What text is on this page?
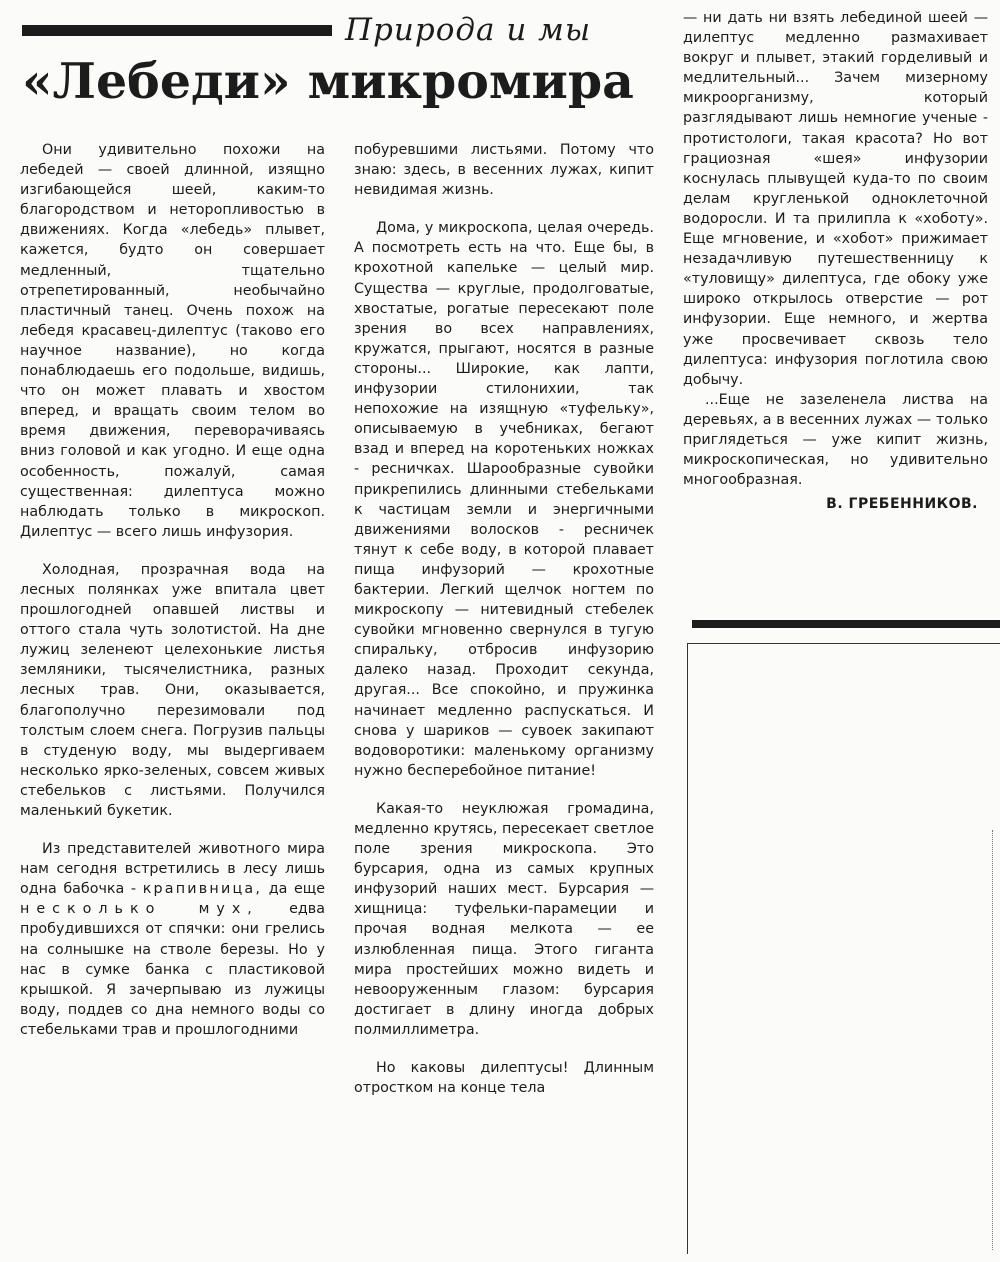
Природа и мы
«Лебеди» микромира

Они удивительно похожи на лебедей — своей длинной, изящно изгибающейся шеей, каким-то благородством и неторопливостью в движениях. Когда «лебедь» плывет, кажется, будто он совершает медленный, тщательно отрепетированный, необычайно пластичный танец. Очень похож на лебедя красавец-дилептус (таково его научное название), но когда понаблюдаешь его подольше, видишь, что он может плавать и хвостом вперед, и вращать своим телом во время движения, переворачиваясь вниз головой и как угодно. И еще одна особенность, пожалуй, самая существенная: дилептуса можно наблюдать только в микроскоп. Дилептус — всего лишь инфузория.

Холодная, прозрачная вода на лесных полянках уже впитала цвет прошлогодней опавшей листвы и оттого стала чуть золотистой. На дне лужиц зеленеют целехонькие листья земляники, тысячелистника, разных лесных трав. Они, оказывается, благополучно перезимовали под толстым слоем снега. Погрузив пальцы в студеную воду, мы выдергиваем несколько ярко-зеленых, совсем живых стебельков с листьями. Получился маленький букетик.

Из представителей животного мира нам сегодня встретились в лесу лишь одна бабочка - крапивница, да еще несколько мух, едва пробудившихся от спячки: они грелись на солнышке на стволе березы. Но у нас в сумке банка с пластиковой крышкой. Я зачерпываю из лужицы воду, поддев со дна немного воды со стебельками трав и прошлогодними

побуревшими листьями. Потому что знаю: здесь, в весенних лужах, кипит невидимая жизнь.

Дома, у микроскопа, целая очередь. А посмотреть есть на что. Еще бы, в крохотной капельке — целый мир. Существа — круглые, продолговатые, хвостатые, рогатые пересекают поле зрения во всех направлениях, кружатся, прыгают, носятся в разные стороны... Широкие, как лапти, инфузории стилонихии, так непохожие на изящную «туфельку», описываемую в учебниках, бегают взад и вперед на коротеньких ножках - ресничках. Шарообразные сувойки прикрепились длинными стебельками к частицам земли и энергичными движениями волосков - ресничек тянут к себе воду, в которой плавает пища инфузорий — крохотные бактерии. Легкий щелчок ногтем по микроскопу — нитевидный стебелек сувойки мгновенно свернулся в тугую спиральку, отбросив инфузорию далеко назад. Проходит секунда, другая... Все спокойно, и пружинка начинает медленно распускаться. И снова у шариков — сувоек закипают водоворотики: маленькому организму нужно бесперебойное питание!

Какая-то неуклюжая громадина, медленно крутясь, пересекает светлое поле зрения микроскопа. Это бурсария, одна из самых крупных инфузорий наших мест. Бурсария — хищница: туфельки-парамеции и прочая водная мелкота — ее излюбленная пища. Этого гиганта мира простейших можно видеть и невооруженным глазом: бурсария достигает в длину иногда добрых полмиллиметра.

Но каковы дилептусы! Длинным отростком на конце тела

— ни дать ни взять лебединой шеей — дилептус медленно размахивает вокруг и плывет, этакий горделивый и медлительный... Зачем мизерному микроорганизму, который разглядывают лишь немногие ученые - протистологи, такая красота? Но вот грациозная «шея» инфузории коснулась плывущей куда-то по своим делам кругленькой одноклеточной водоросли. И та прилипла к «хоботу». Еще мгновение, и «хобот» прижимает незадачливую путешественницу к «туловищу» дилептуса, где обоку уже широко открылось отверстие — рот инфузории. Еще немного, и жертва уже просвечивает сквозь тело дилептуса: инфузория поглотила свою добычу.

...Еще не зазеленела листва на деревьях, а в весенних лужах — только приглядеться — уже кипит жизнь, микроскопическая, но удивительно многообразная.

В. ГРЕБЕННИКОВ.
